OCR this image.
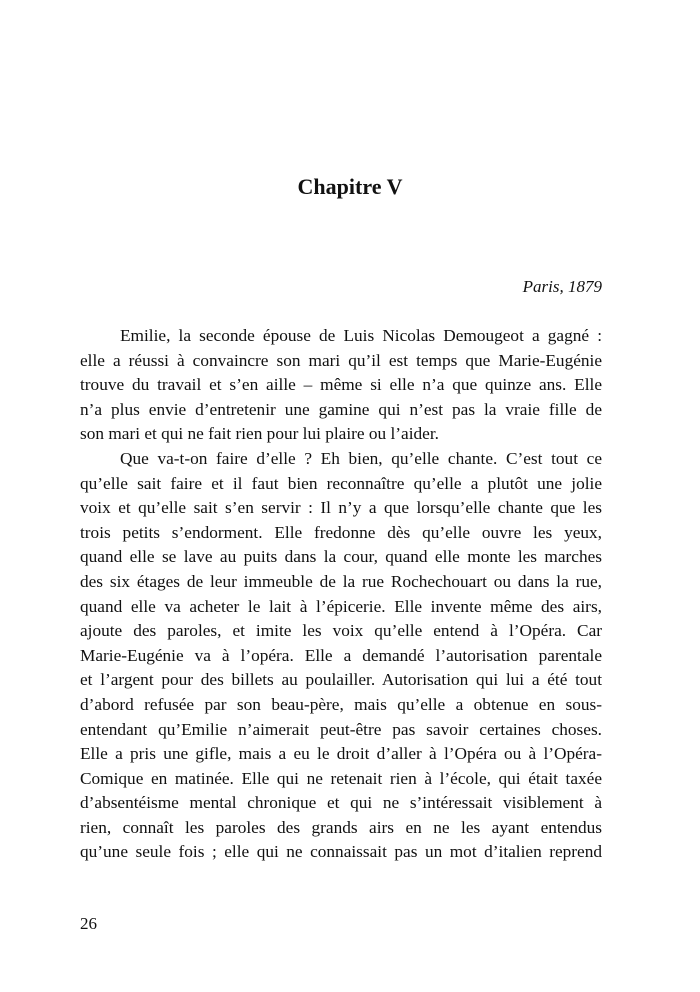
Chapitre V
Paris, 1879
Emilie, la seconde épouse de Luis Nicolas Demougeot a gagné :
elle a réussi à convaincre son mari qu’il est temps que Marie-Eugénie
trouve du travail et s’en aille – même si elle n’a que quinze ans. Elle
n’a plus envie d’entretenir une gamine qui n’est pas la vraie fille de
son mari et qui ne fait rien pour lui plaire ou l’aider.
Que va-t-on faire d’elle ? Eh bien, qu’elle chante. C’est tout ce
qu’elle sait faire et il faut bien reconnaître qu’elle a plutôt une jolie
voix et qu’elle sait s’en servir : Il n’y a que lorsqu’elle chante que les
trois petits s’endorment. Elle fredonne dès qu’elle ouvre les yeux,
quand elle se lave au puits dans la cour, quand elle monte les marches
des six étages de leur immeuble de la rue Rochechouart ou dans la rue,
quand elle va acheter le lait à l’épicerie. Elle invente même des airs,
ajoute des paroles, et imite les voix qu’elle entend à l’Opéra. Car
Marie-Eugénie va à l’opéra. Elle a demandé l’autorisation parentale
et l’argent pour des billets au poulailler. Autorisation qui lui a été tout
d’abord refusée par son beau-père, mais qu’elle a obtenue en sous-
entendant qu’Emilie n’aimerait peut-être pas savoir certaines choses.
Elle a pris une gifle, mais a eu le droit d’aller à l’Opéra ou à l’Opéra-
Comique en matinée. Elle qui ne retenait rien à l’école, qui était taxée
d’absentéisme mental chronique et qui ne s’intéressait visiblement à
rien, connaît les paroles des grands airs en ne les ayant entendus
qu’une seule fois ; elle qui ne connaissait pas un mot d’italien reprend
26
